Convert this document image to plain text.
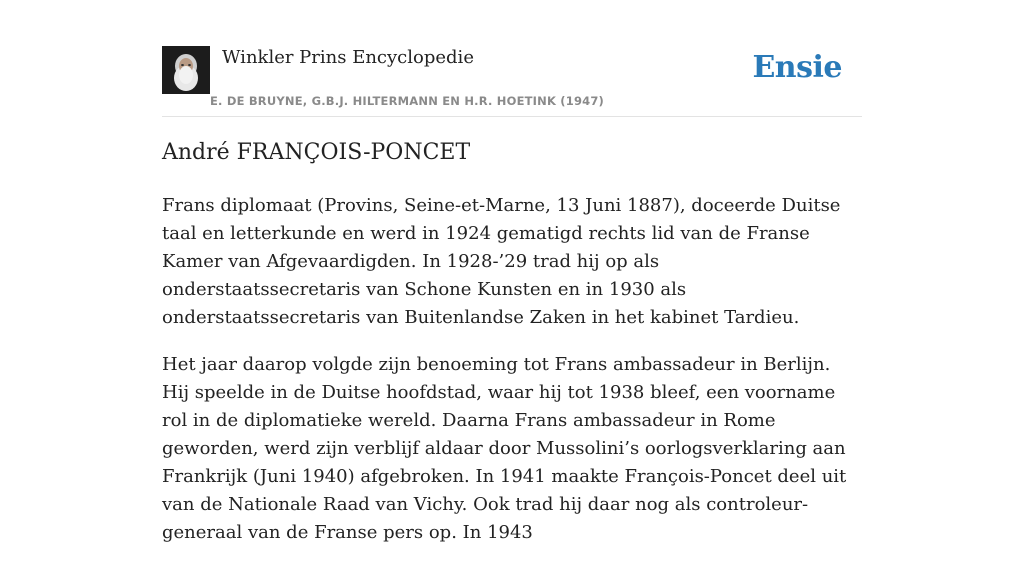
Winkler Prins Encyclopedie
E. DE BRUYNE, G.B.J. HILTERMANN EN H.R. HOETINK (1947)
Ensie
André FRANÇOIS-PONCET

Frans diplomaat (Provins, Seine-et-Marne, 13 Juni 1887), doceerde Duitse taal en letterkunde en werd in 1924 gematigd rechts lid van de Franse Kamer van Afgevaardigden. In 1928-’29 trad hij op als onderstaatssecretaris van Schone Kunsten en in 1930 als onderstaatssecretaris van Buitenlandse Zaken in het kabinet Tardieu.

Het jaar daarop volgde zijn benoeming tot Frans ambassadeur in Berlijn. Hij speelde in de Duitse hoofdstad, waar hij tot 1938 bleef, een voorname rol in de diplomatieke wereld. Daarna Frans ambassadeur in Rome geworden, werd zijn verblijf aldaar door Mussolini’s oorlogsverklaring aan Frankrijk (Juni 1940) afgebroken. In 1941 maakte François-Poncet deel uit van de Nationale Raad van Vichy. Ook trad hij daar nog als controleur-generaal van de Franse pers op. In 1943
